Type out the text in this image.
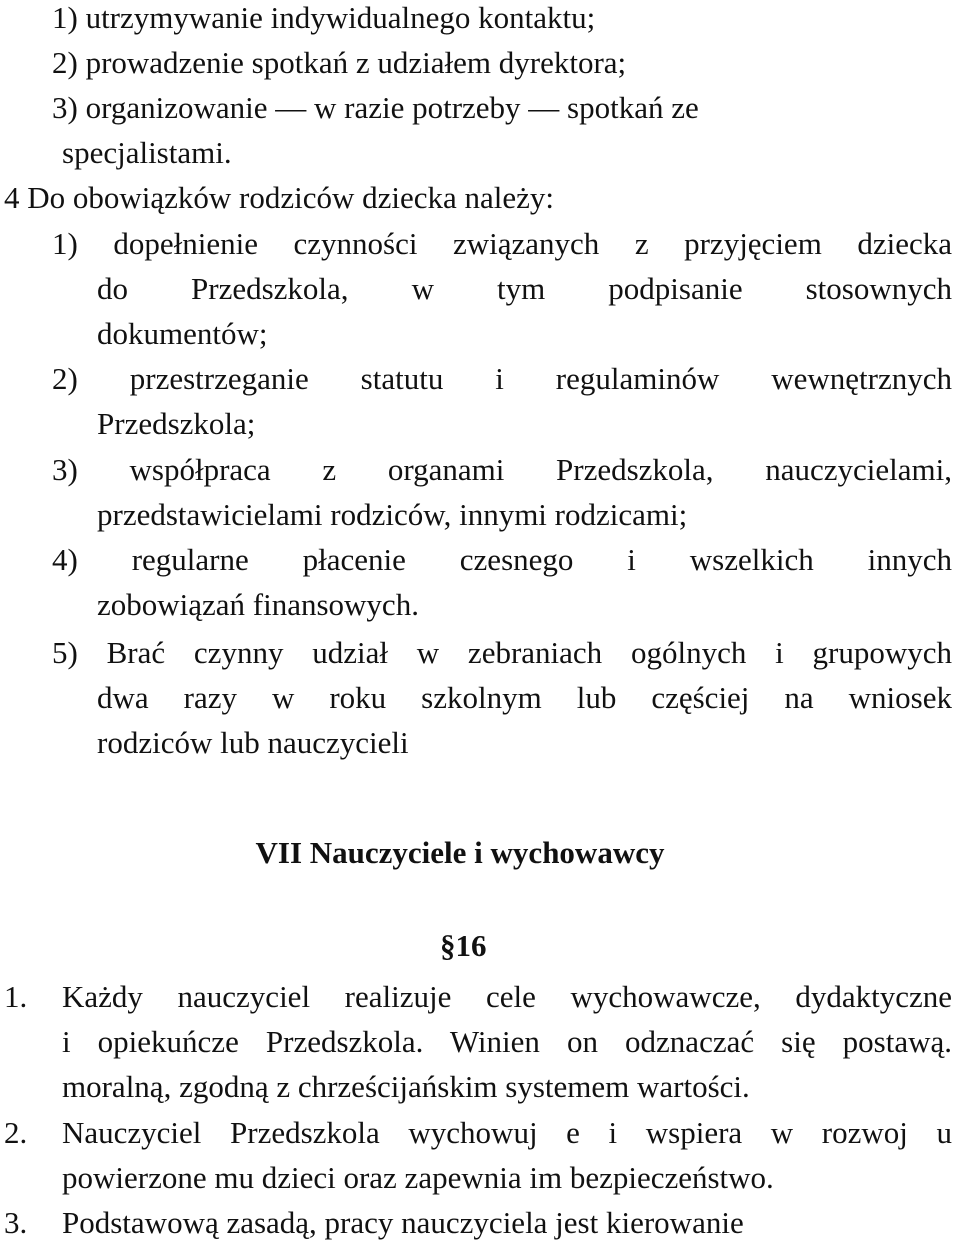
1) utrzymywanie indywidualnego kontaktu;
2) prowadzenie spotkań z udziałem dyrektora;
3) organizowanie — w razie potrzeby — spotkań ze
specjalistami.
4 Do obowiązków rodziców dziecka należy:
1) dopełnienie czynności związanych z przyjęciem dziecka
do Przedszkola, w tym podpisanie stosownych
dokumentów;
2) przestrzeganie statutu i regulaminów wewnętrznych
Przedszkola;
3) współpraca z organami Przedszkola, nauczycielami,
przedstawicielami rodziców, innymi rodzicami;
4) regularne płacenie czesnego i wszelkich innych
zobowiązań finansowych.
5) Brać czynny udział w zebraniach ogólnych i grupowych
dwa razy w roku szkolnym lub częściej na wniosek
rodziców lub nauczycieli
VII Nauczyciele i wychowawcy
§16
1. Każdy nauczyciel realizuje cele wychowawcze, dydaktyczne
i opiekuńcze Przedszkola. Winien on odznaczać się postawą.
moralną, zgodną z chrześcijańskim systemem wartości.
2. Nauczyciel Przedszkola wychowuj e i wspiera w rozwoj u
powierzone mu dzieci oraz zapewnia im bezpieczeństwo.
3. Podstawową zasadą, pracy nauczyciela jest kierowanie
